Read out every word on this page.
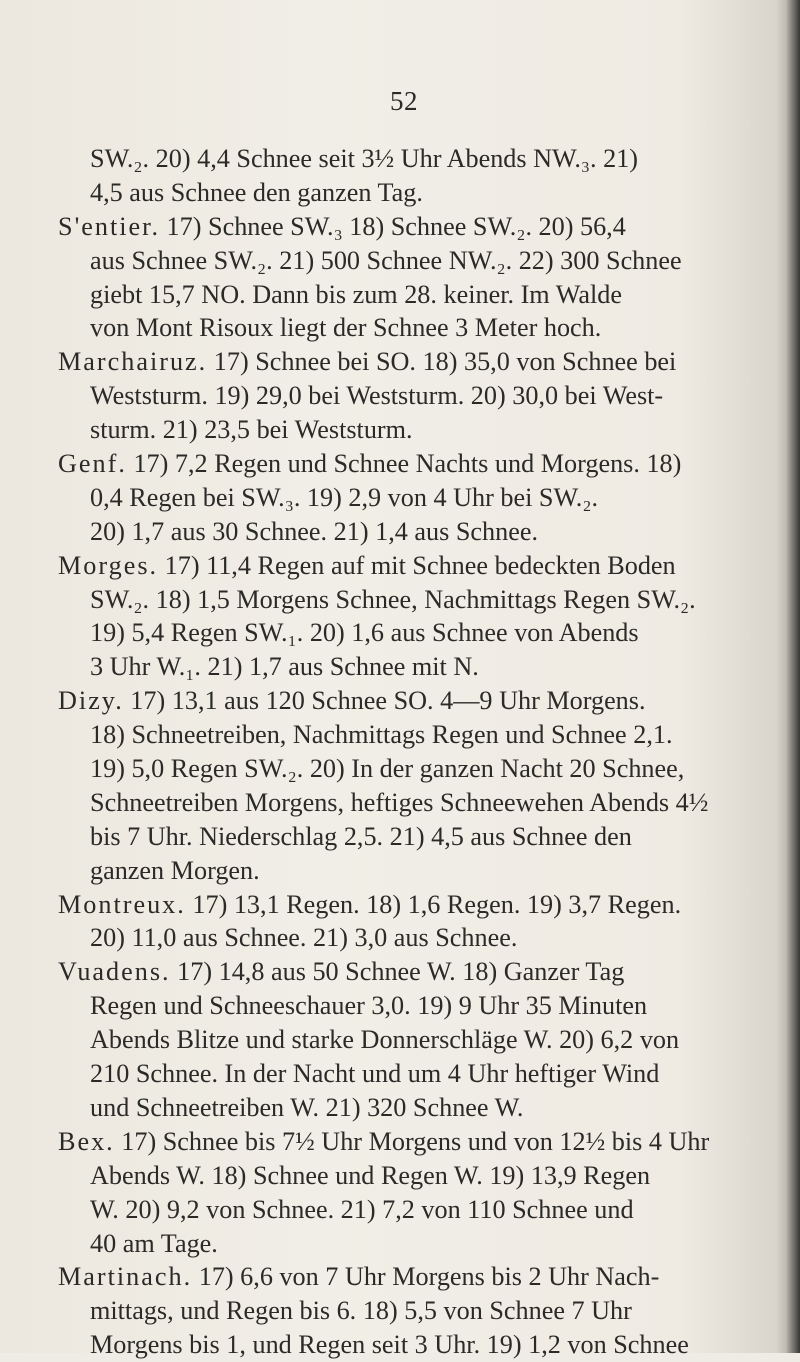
52
SW.₂. 20) 4,4 Schnee seit 3½ Uhr Abends NW.₃. 21)
4,5 aus Schnee den ganzen Tag.
S'entier. 17) Schnee SW.₃ 18) Schnee SW.₂. 20) 56,4
aus Schnee SW.₂. 21) 500 Schnee NW.₂. 22) 300 Schnee
giebt 15,7 NO. Dann bis zum 28. keiner. Im Walde
von Mont Risoux liegt der Schnee 3 Meter hoch.
Marchairuz. 17) Schnee bei SO. 18) 35,0 von Schnee bei
Weststurm. 19) 29,0 bei Weststurm. 20) 30,0 bei West-
sturm. 21) 23,5 bei Weststurm.
Genf. 17) 7,2 Regen und Schnee Nachts und Morgens. 18)
0,4 Regen bei SW.₃. 19) 2,9 von 4 Uhr bei SW.₂.
20) 1,7 aus 30 Schnee. 21) 1,4 aus Schnee.
Morges. 17) 11,4 Regen auf mit Schnee bedeckten Boden
SW.₂. 18) 1,5 Morgens Schnee, Nachmittags Regen SW.₂.
19) 5,4 Regen SW.₁. 20) 1,6 aus Schnee von Abends
3 Uhr W.₁. 21) 1,7 aus Schnee mit N.
Dizy. 17) 13,1 aus 120 Schnee SO. 4—9 Uhr Morgens.
18) Schneetreiben, Nachmittags Regen und Schnee 2,1.
19) 5,0 Regen SW.₂. 20) In der ganzen Nacht 20 Schnee,
Schneetreiben Morgens, heftiges Schneewehen Abends 4½
bis 7 Uhr. Niederschlag 2,5. 21) 4,5 aus Schnee den
ganzen Morgen.
Montreux. 17) 13,1 Regen. 18) 1,6 Regen. 19) 3,7 Regen.
20) 11,0 aus Schnee. 21) 3,0 aus Schnee.
Vuadens. 17) 14,8 aus 50 Schnee W. 18) Ganzer Tag
Regen und Schneeschauer 3,0. 19) 9 Uhr 35 Minuten
Abends Blitze und starke Donnerschläge W. 20) 6,2 von
210 Schnee. In der Nacht und um 4 Uhr heftiger Wind
und Schneetreiben W. 21) 320 Schnee W.
Bex. 17) Schnee bis 7½ Uhr Morgens und von 12½ bis 4 Uhr
Abends W. 18) Schnee und Regen W. 19) 13,9 Regen
W. 20) 9,2 von Schnee. 21) 7,2 von 110 Schnee und
40 am Tage.
Martinach. 17) 6,6 von 7 Uhr Morgens bis 2 Uhr Nach-
mittags, und Regen bis 6. 18) 5,5 von Schnee 7 Uhr
Morgens bis 1, und Regen seit 3 Uhr. 19) 1,2 von Schnee
